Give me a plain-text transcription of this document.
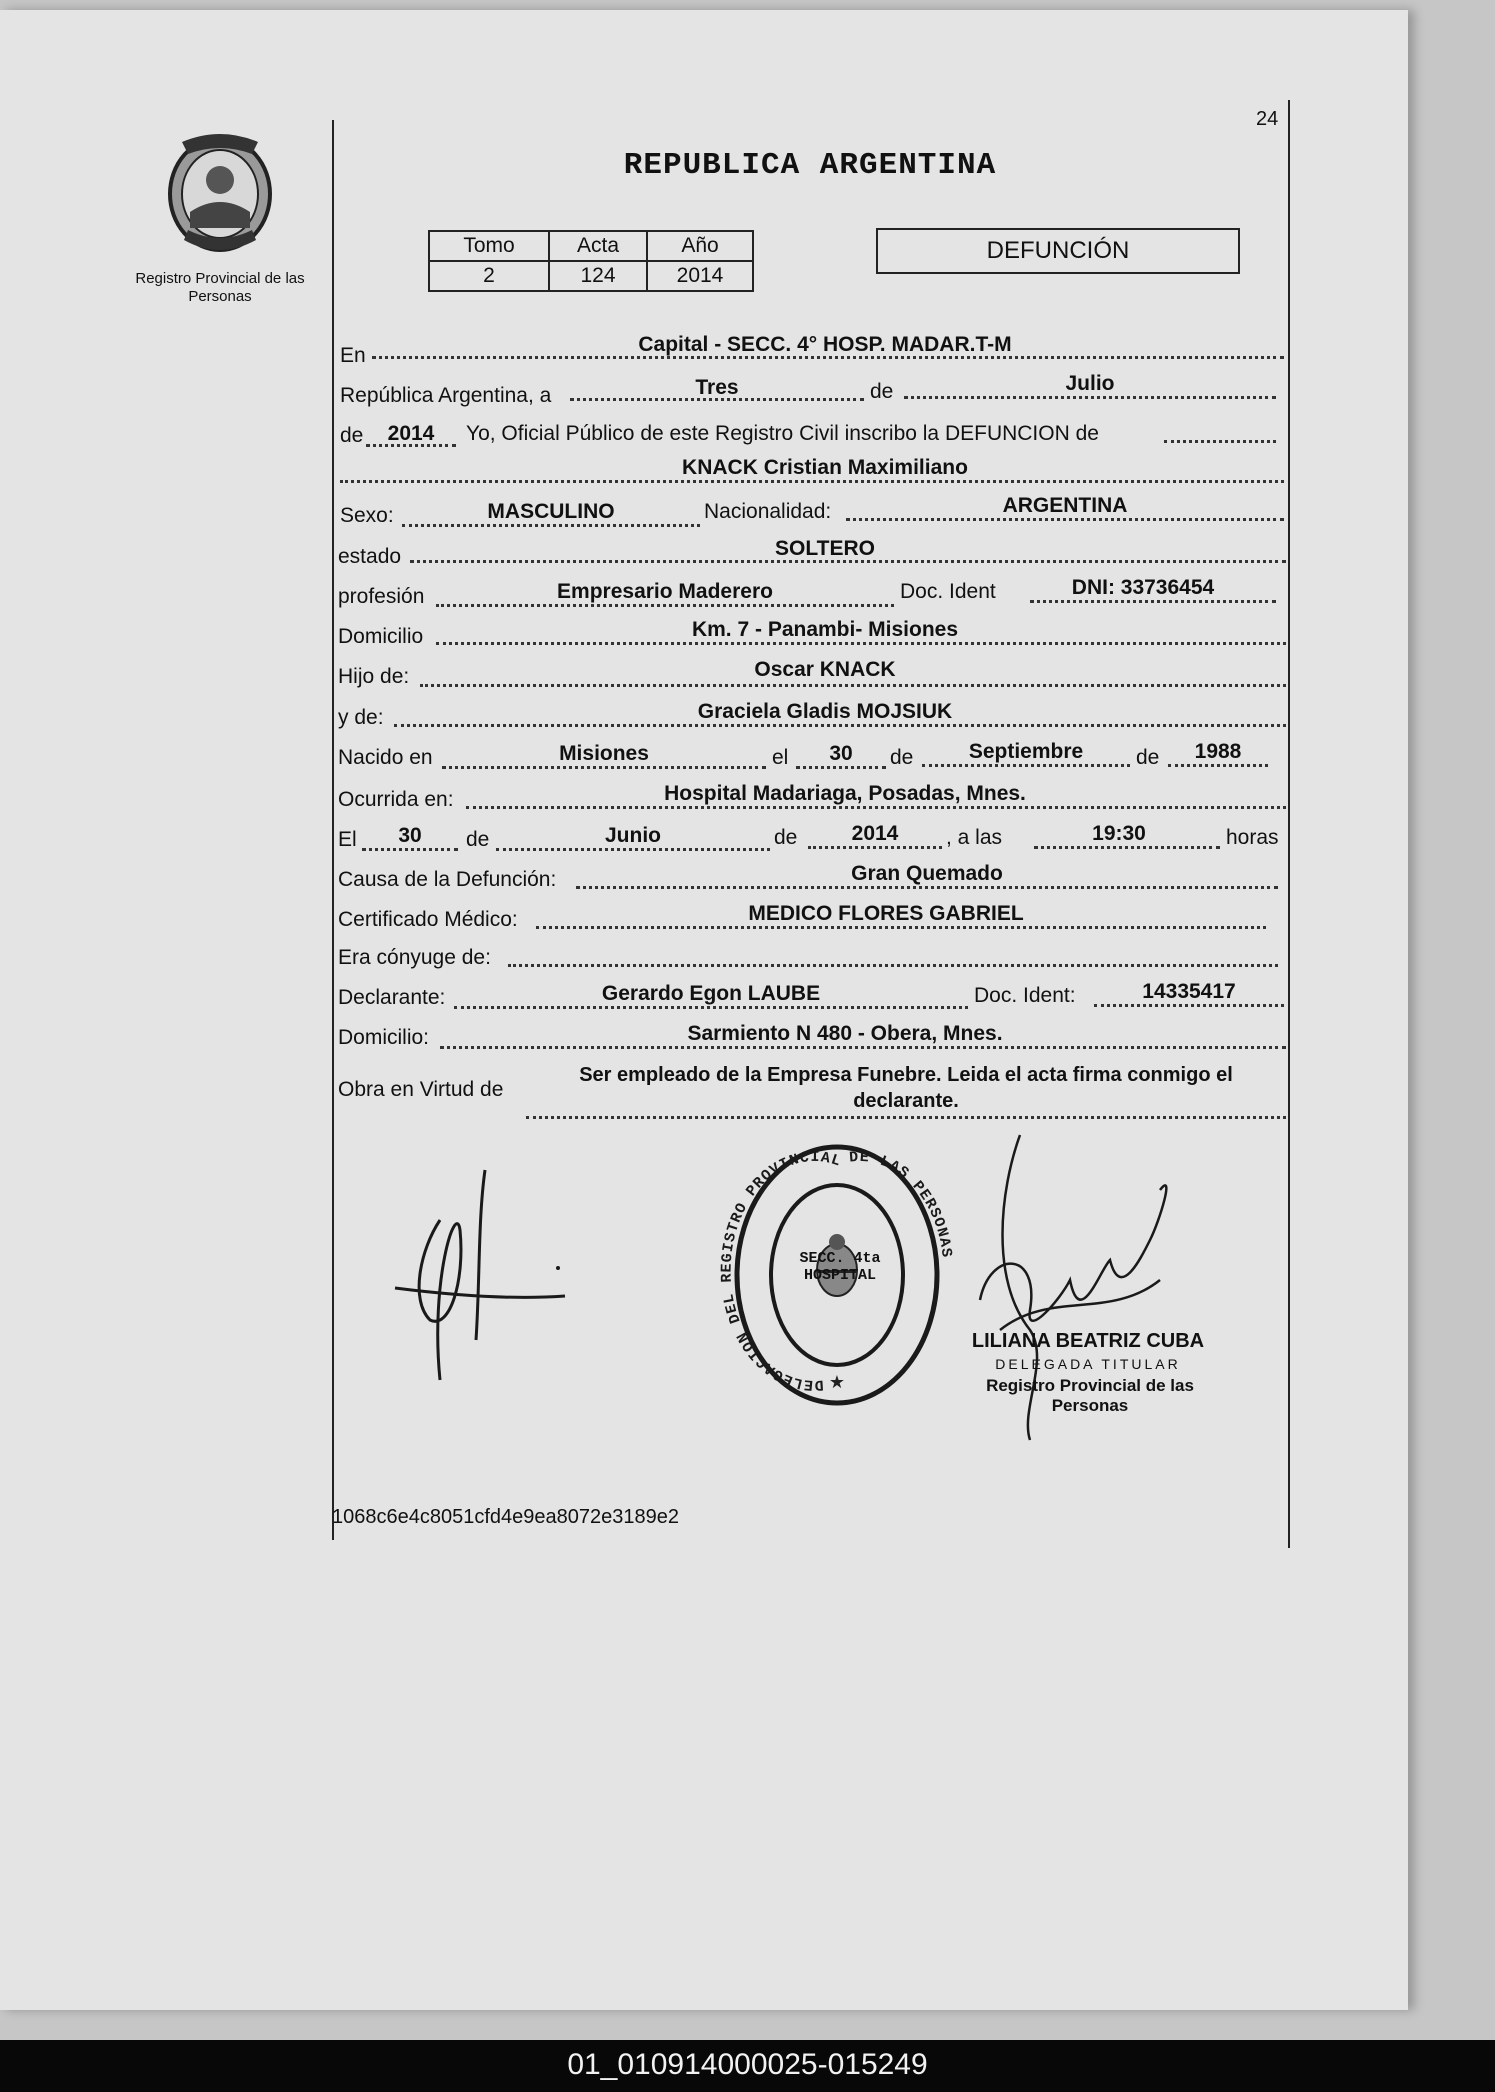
24
Registro Provincial de las Personas
REPUBLICA ARGENTINA
Tomo	Acta	Año
2	124	2014
DEFUNCIÓN
En	Capital - SECC. 4° HOSP. MADAR.T-M
República Argentina, a	Tres	de	Julio
de	2014	Yo, Oficial Público de este Registro Civil inscribo la DEFUNCION de
KNACK Cristian Maximiliano
Sexo:	MASCULINO	Nacionalidad:	ARGENTINA
estado	SOLTERO
profesión	Empresario Maderero	Doc. Ident	DNI: 33736454
Domicilio	Km. 7 - Panambi- Misiones
Hijo de:	Oscar KNACK
y de:	Graciela Gladis MOJSIUK
Nacido en	Misiones	el	30	de	Septiembre	de	1988
Ocurrida en:	Hospital Madariaga, Posadas, Mnes.
El	30	de	Junio	de	2014	, a las	19:30	horas
Causa de la Defunción:	Gran Quemado
Certificado Médico:	MEDICO FLORES GABRIEL
Era cónyuge de:
Declarante:	Gerardo Egon LAUBE	Doc. Ident:	14335417
Domicilio:	Sarmiento N 480 - Obera, Mnes.
Obra en Virtud de
Ser empleado de la Empresa Funebre. Leida el acta firma conmigo el
declarante.
DELEGACION DEL REGISTRO PROVINCIAL DE LAS PERSONAS
★
SECC. 4ta HOSPITAL
LILIANA BEATRIZ CUBA
DELEGADA TITULAR
Registro Provincial de las Personas
1068c6e4c8051cfd4e9ea8072e3189e2
01_010914000025-015249
